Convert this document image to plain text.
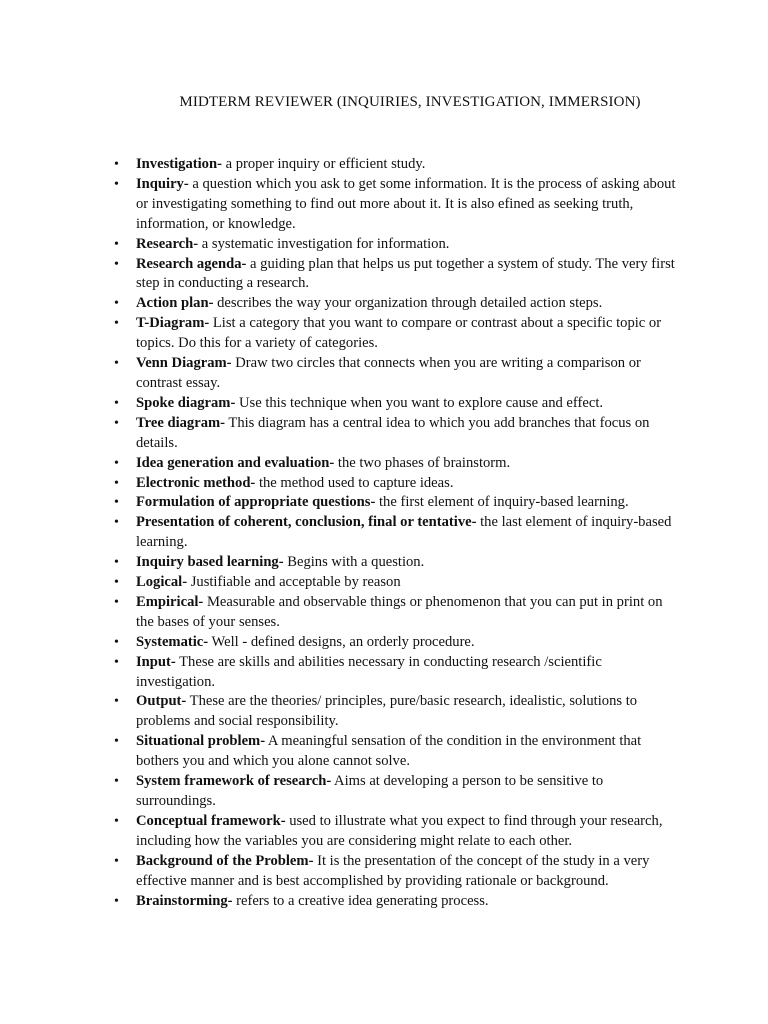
MIDTERM REVIEWER (INQUIRIES, INVESTIGATION, IMMERSION)
• Investigation- a proper inquiry or efficient study.
• Inquiry- a question which you ask to get some information. It is the process of asking about or investigating something to find out more about it. It is also efined as seeking truth, information, or knowledge.
• Research- a systematic investigation for information.
• Research agenda- a guiding plan that helps us put together a system of study. The very first step in conducting a research.
• Action plan- describes the way your organization through detailed action steps.
• T-Diagram- List a category that you want to compare or contrast about a specific topic or topics. Do this for a variety of categories.
• Venn Diagram- Draw two circles that connects when you are writing a comparison or contrast essay.
• Spoke diagram- Use this technique when you want to explore cause and effect.
• Tree diagram- This diagram has a central idea to which you add branches that focus on details.
• Idea generation and evaluation- the two phases of brainstorm.
• Electronic method- the method used to capture ideas.
• Formulation of appropriate questions- the first element of inquiry-based learning.
• Presentation of coherent, conclusion, final or tentative- the last element of inquiry-based learning.
• Inquiry based learning- Begins with a question.
• Logical- Justifiable and acceptable by reason
• Empirical- Measurable and observable things or phenomenon that you can put in print on the bases of your senses.
• Systematic- Well - defined designs, an orderly procedure.
• Input- These are skills and abilities necessary in conducting research /scientific investigation.
• Output- These are the theories/ principles, pure/basic research, idealistic, solutions to problems and social responsibility.
• Situational problem- A meaningful sensation of the condition in the environment that bothers you and which you alone cannot solve.
• System framework of research- Aims at developing a person to be sensitive to surroundings.
• Conceptual framework- used to illustrate what you expect to find through your research, including how the variables you are considering might relate to each other.
• Background of the Problem- It is the presentation of the concept of the study in a very effective manner and is best accomplished by providing rationale or background.
• Brainstorming- refers to a creative idea generating process.
